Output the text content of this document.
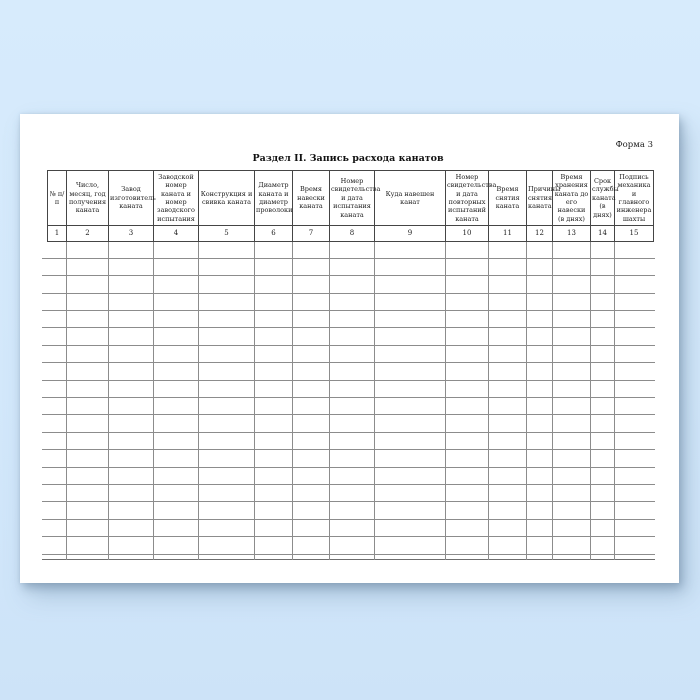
Форма 3
Раздел II. Запись расхода канатов
№ п/п	Число, месяц, год получения каната	Завод изготовитель каната	Заводской номер каната и номер заводского испытания	Конструкция и свивка каната	Диаметр каната и диаметр проволоки	Время навески каната	Номер свидетельства и дата испытания каната	Куда навешен канат	Номер свидетельства и дата повторных испытаний каната	Время снятия каната	Причины снятия каната	Время хранения каната до его навески (в днях)	Срок службы каната (в днях)	Подпись механика и главного инженера шахты
1	2	3	4	5	6	7	8	9	10	11	12	13	14	15
